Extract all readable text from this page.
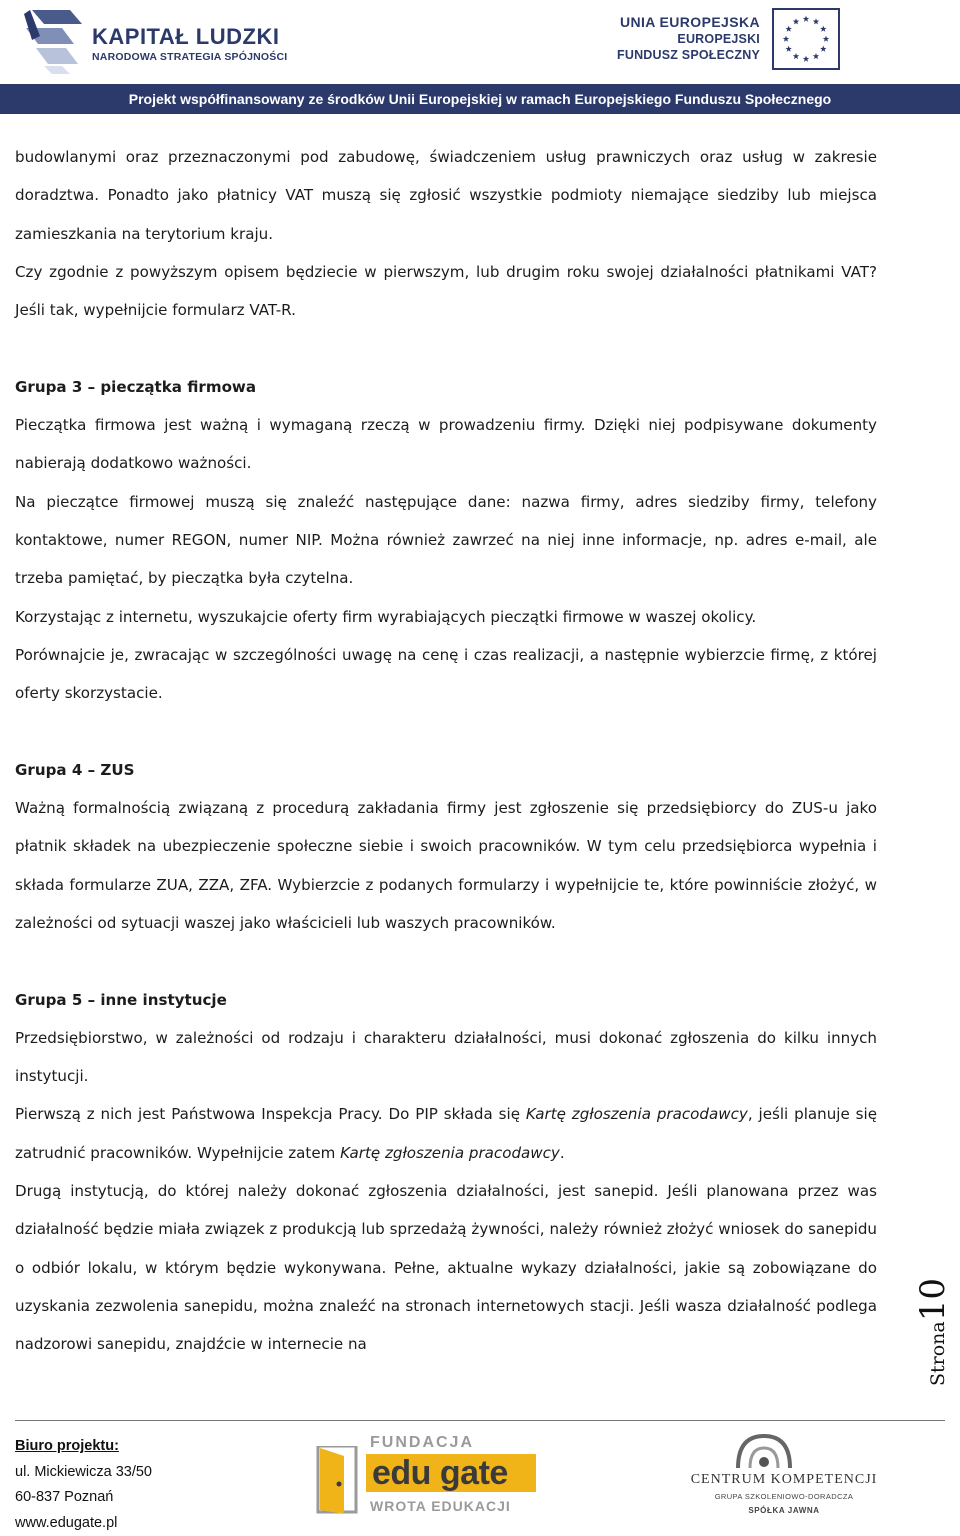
KAPITAŁ LUDZKI
NARODOWA STRATEGIA SPÓJNOŚCI
UNIA EUROPEJSKA
EUROPEJSKI
FUNDUSZ SPOŁECZNY
Projekt współfinansowany ze środków Unii Europejskiej w ramach Europejskiego Funduszu Społecznego

budowlanymi oraz przeznaczonymi pod zabudowę, świadczeniem usług prawniczych oraz usług w zakresie doradztwa. Ponadto jako płatnicy VAT muszą się zgłosić wszystkie podmioty niemające siedziby lub miejsca zamieszkania na terytorium kraju.

Czy zgodnie z powyższym opisem będziecie w pierwszym, lub drugim roku swojej działalności płatnikami VAT? Jeśli tak, wypełnijcie formularz VAT-R.

Grupa 3 – pieczątka firmowa

Pieczątka firmowa jest ważną i wymaganą rzeczą w prowadzeniu firmy. Dzięki niej podpisywane dokumenty nabierają dodatkowo ważności.

Na pieczątce firmowej muszą się znaleźć następujące dane: nazwa firmy, adres siedziby firmy, telefony kontaktowe, numer REGON, numer NIP. Można również zawrzeć na niej inne informacje, np. adres e-mail, ale trzeba pamiętać, by pieczątka była czytelna.

Korzystając z internetu, wyszukajcie oferty firm wyrabiających pieczątki firmowe w waszej okolicy.

Porównajcie je, zwracając w szczególności uwagę na cenę i czas realizacji, a następnie wybierzcie firmę, z której oferty skorzystacie.

Grupa 4 – ZUS

Ważną formalnością związaną z procedurą zakładania firmy jest zgłoszenie się przedsiębiorcy do ZUS-u jako płatnik składek na ubezpieczenie społeczne siebie i swoich pracowników. W tym celu przedsiębiorca wypełnia i składa formularze ZUA, ZZA, ZFA. Wybierzcie z podanych formularzy i wypełnijcie te, które powinniście złożyć, w zależności od sytuacji waszej jako właścicieli lub waszych pracowników.

Grupa 5 – inne instytucje

Przedsiębiorstwo, w zależności od rodzaju i charakteru działalności, musi dokonać zgłoszenia do kilku innych instytucji.

Pierwszą z nich jest Państwowa Inspekcja Pracy. Do PIP składa się Kartę zgłoszenia pracodawcy, jeśli planuje się zatrudnić pracowników. Wypełnijcie zatem Kartę zgłoszenia pracodawcy.

Drugą instytucją, do której należy dokonać zgłoszenia działalności, jest sanepid. Jeśli planowana przez was działalność będzie miała związek z produkcją lub sprzedażą żywności, należy również złożyć wniosek do sanepidu o odbiór lokalu, w którym będzie wykonywana. Pełne, aktualne wykazy działalności, jakie są zobowiązane do uzyskania zezwolenia sanepidu, można znaleźć na stronach internetowych stacji. Jeśli wasza działalność podlega nadzorowi sanepidu, znajdźcie w internecie na	Strona10
Biuro projektu:
ul. Mickiewicza 33/50
60-837 Poznań
www.edugate.pl
FUNDACJA
edu gate
WROTA EDUKACJI
CENTRUM KOMPETENCJI
GRUPA SZKOLENIOWO-DORADCZA
SPÓŁKA JAWNA
